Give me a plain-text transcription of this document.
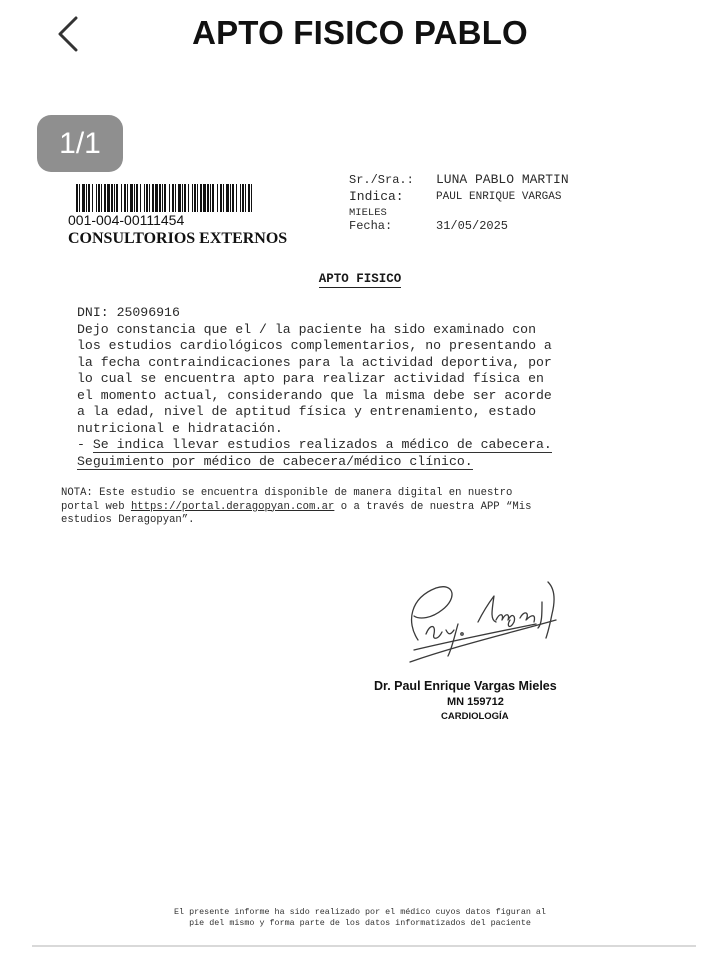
APTO FISICO PABLO
1/1
001-004-00111454
CONSULTORIOS EXTERNOS
Sr./Sra.: LUNA PABLO MARTIN
Indica:	PAUL ENRIQUE VARGAS
MIELES
Fecha:	31/05/2025
APTO FISICO
DNI: 25096916
Dejo constancia que el / la paciente ha sido examinado con
los estudios cardiológicos complementarios, no presentando a
la fecha contraindicaciones para la actividad deportiva, por
lo cual se encuentra apto para realizar actividad física en
el momento actual, considerando que la misma debe ser acorde
a la edad, nivel de aptitud física y entrenamiento, estado
nutricional e hidratación.
- Se indica llevar estudios realizados a médico de cabecera.
Seguimiento por médico de cabecera/médico clínico.
NOTA: Este estudio se encuentra disponible de manera digital en nuestro
portal web https://portal.deragopyan.com.ar o a través de nuestra APP “Mis
estudios Deragopyan”.
Dr. Paul Enrique Vargas Mieles
MN 159712
CARDIOLOGÍA
El presente informe ha sido realizado por el médico cuyos datos figuran al
pie del mismo y forma parte de los datos informatizados del paciente
